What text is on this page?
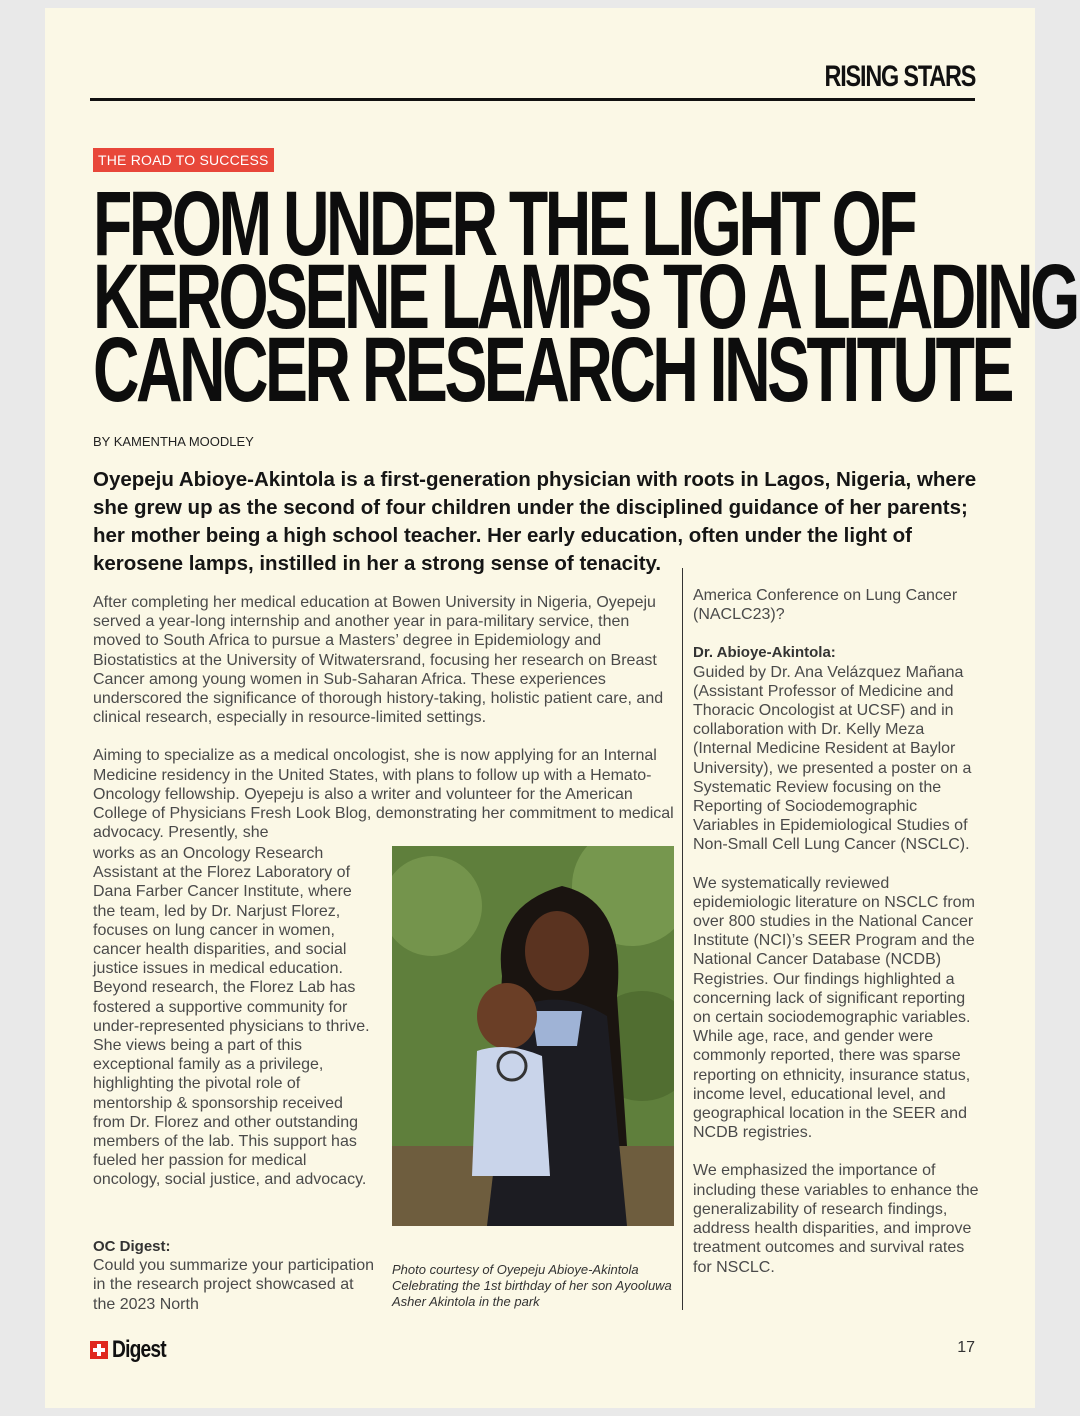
RISING STARS
THE ROAD TO SUCCESS
FROM UNDER THE LIGHT OF
KEROSENE LAMPS TO A LEADING
CANCER RESEARCH INSTITUTE
BY KAMENTHA MOODLEY

Oyepeju Abioye-Akintola is a first-generation physician with roots in Lagos, Nigeria, where she grew up as the second of four children under the disciplined guidance of her parents; her mother being a high school teacher. Her early education, often under the light of kerosene lamps, instilled in her a strong sense of tenacity.

After completing her medical education at Bowen University in Nigeria, Oyepeju served a year-long internship and another year in para-military service, then moved to South Africa to pursue a Masters’ degree in Epidemiology and Biostatistics at the University of Witwatersrand, focusing her research on Breast Cancer among young women in Sub-Saharan Africa. These experiences underscored the significance of thorough history-taking, holistic patient care, and clinical research, especially in resource-limited settings.

Aiming to specialize as a medical oncologist, she is now applying for an Internal Medicine residency in the United States, with plans to follow up with a Hemato-Oncology fellowship. Oyepeju is also a writer and volunteer for the American College of Physicians Fresh Look Blog, demonstrating her commitment to medical advocacy. Presently, she

works as an Oncology Research Assistant at the Florez Laboratory of Dana Farber Cancer Institute, where the team, led by Dr. Narjust Florez, focuses on lung cancer in women, cancer health disparities, and social justice issues in medical education. Beyond research, the Florez Lab has fostered a supportive community for under-represented physicians to thrive. She views being a part of this exceptional family as a privilege, highlighting the pivotal role of mentorship & sponsorship received from Dr. Florez and other outstanding members of the lab. This support has fueled her passion for medical oncology, social justice, and advocacy.

OC Digest:
Could you summarize your participation in the research project showcased at the 2023 North
Photo courtesy of Oyepeju Abioye-Akintola Celebrating the 1st birthday of her son Ayooluwa Asher Akintola in the park

America Conference on Lung Cancer (NACLC23)?

Dr. Abioye-Akintola:

Guided by Dr. Ana Velázquez Mañana (Assistant Professor of Medicine and Thoracic Oncologist at UCSF) and in collaboration with Dr. Kelly Meza (Internal Medicine Resident at Baylor University), we presented a poster on a Systematic Review focusing on the Reporting of Sociodemographic Variables in Epidemiological Studies of Non-Small Cell Lung Cancer (NSCLC).

We systematically reviewed epidemiologic literature on NSCLC from over 800 studies in the National Cancer Institute (NCI)’s SEER Program and the National Cancer Database (NCDB) Registries. Our findings highlighted a concerning lack of significant reporting on certain sociodemographic variables. While age, race, and gender were commonly reported, there was sparse reporting on ethnicity, insurance status, income level, educational level, and geographical location in the SEER and NCDB registries.

We emphasized the importance of including these variables to enhance the generalizability of research findings, address health disparities, and improve treatment outcomes and survival rates for NSCLC.

Digest	17
